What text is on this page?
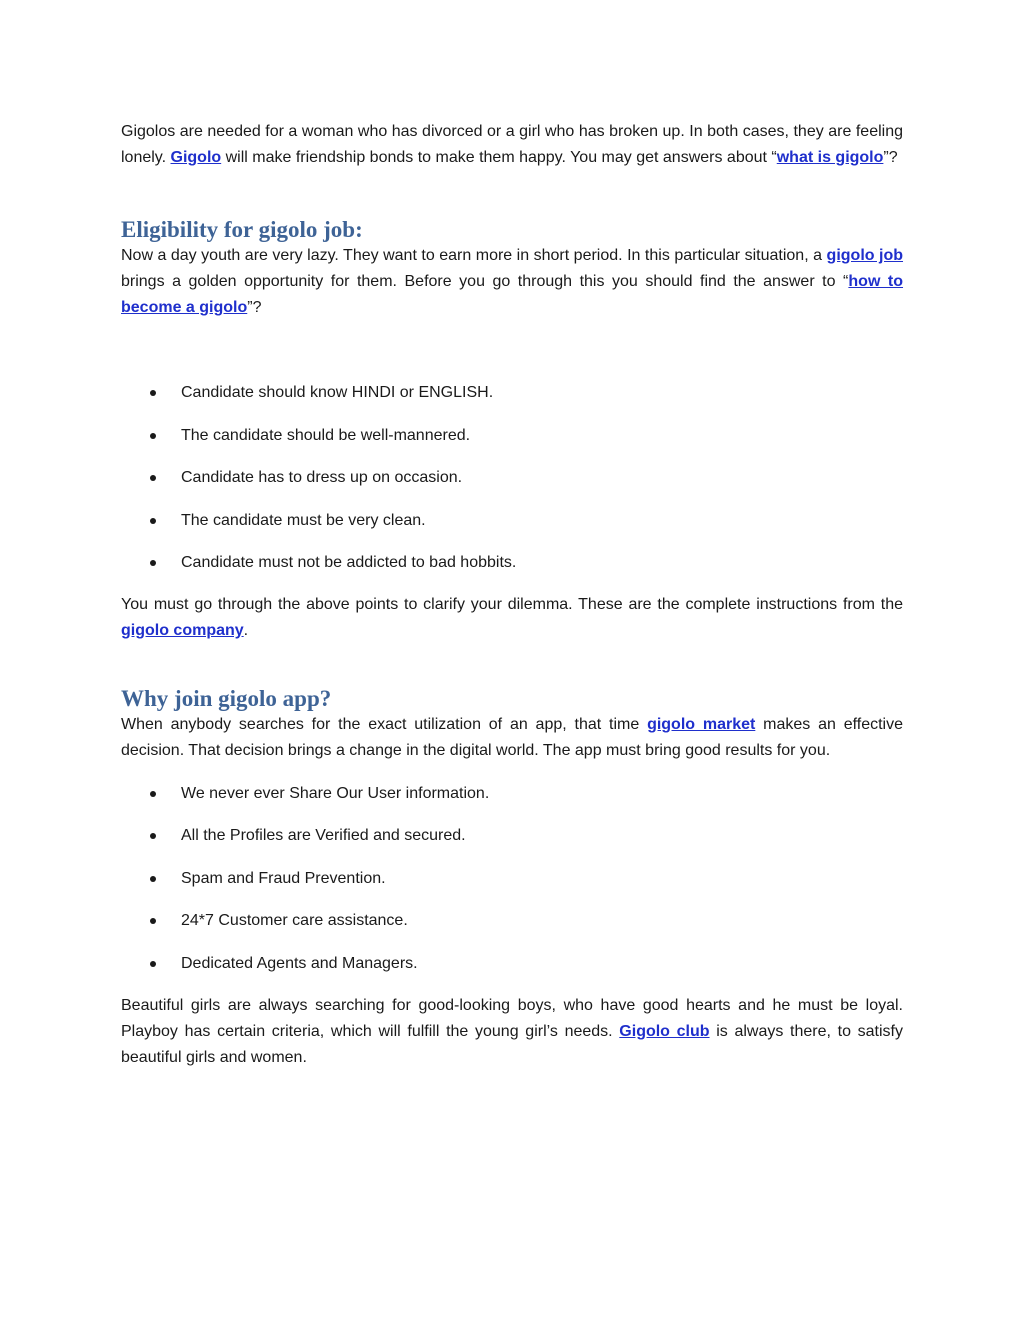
Gigolos are needed for a woman who has divorced or a girl who has broken up. In both cases, they are feeling lonely. Gigolo will make friendship bonds to make them happy. You may get answers about “what is gigolo”?

Eligibility for gigolo job:

Now a day youth are very lazy. They want to earn more in short period. In this particular situation, a gigolo job brings a golden opportunity for them. Before you go through this you should find the answer to “how to become a gigolo”?

Candidate should know HINDI or ENGLISH.
The candidate should be well-mannered.
Candidate has to dress up on occasion.
The candidate must be very clean.
Candidate must not be addicted to bad hobbits.

You must go through the above points to clarify your dilemma. These are the complete instructions from the gigolo company.

Why join gigolo app?

When anybody searches for the exact utilization of an app, that time gigolo market makes an effective decision. That decision brings a change in the digital world. The app must bring good results for you.

We never ever Share Our User information.
All the Profiles are Verified and secured.
Spam and Fraud Prevention.
24*7 Customer care assistance.
Dedicated Agents and Managers.

Beautiful girls are always searching for good-looking boys, who have good hearts and he must be loyal. Playboy has certain criteria, which will fulfill the young girl’s needs. Gigolo club is always there, to satisfy beautiful girls and women.
